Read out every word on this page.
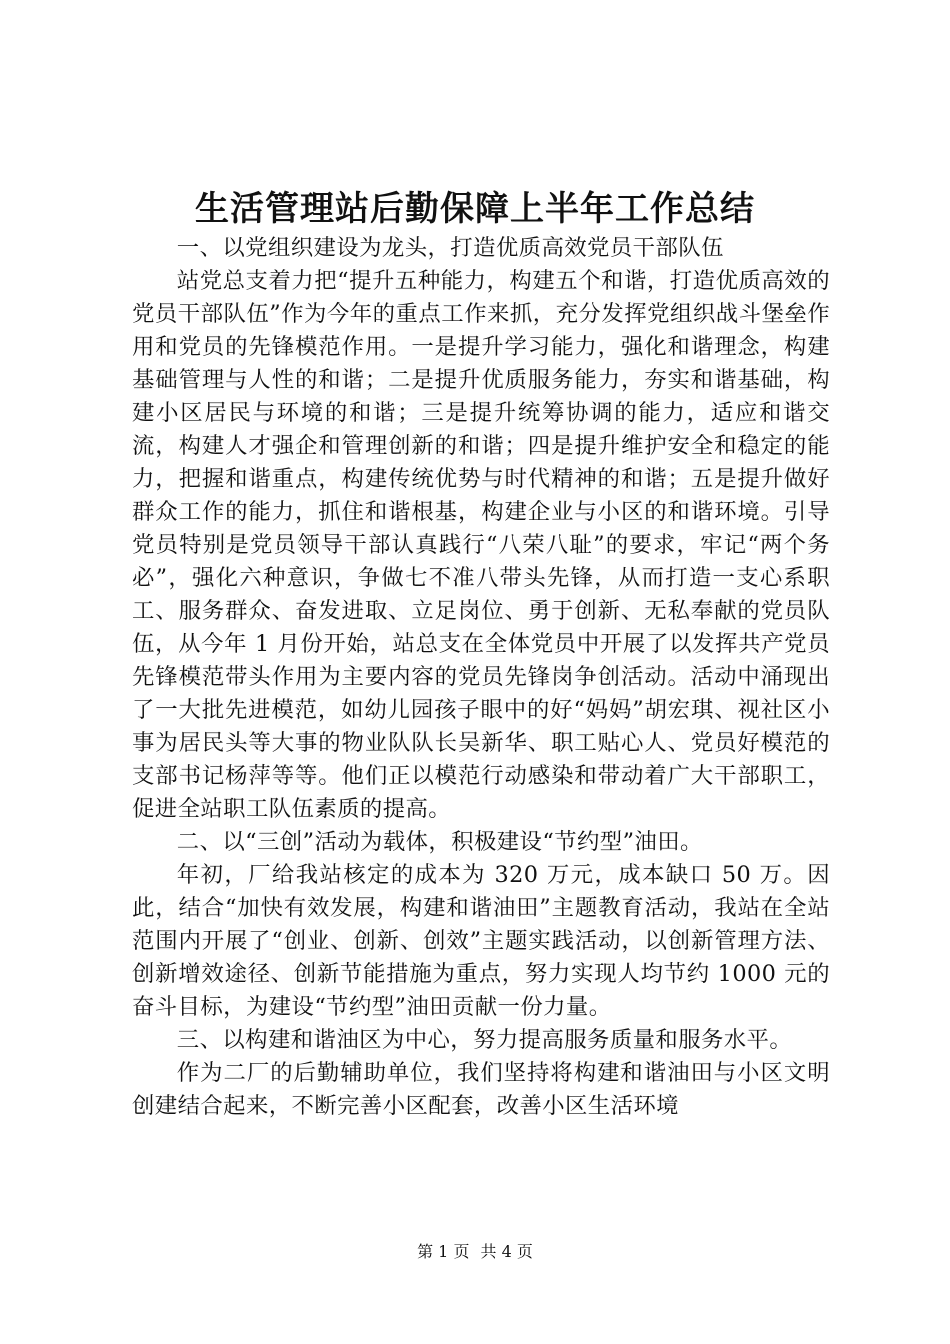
生活管理站后勤保障上半年工作总结

一、以党组织建设为龙头，打造优质高效党员干部队伍

站党总支着力把“提升五种能力，构建五个和谐，打造优质高效的党员干部队伍”作为今年的重点工作来抓，充分发挥党组织战斗堡垒作用和党员的先锋模范作用。一是提升学习能力，强化和谐理念，构建基础管理与人性的和谐；二是提升优质服务能力，夯实和谐基础，构建小区居民与环境的和谐；三是提升统筹协调的能力，适应和谐交流，构建人才强企和管理创新的和谐；四是提升维护安全和稳定的能力，把握和谐重点，构建传统优势与时代精神的和谐；五是提升做好群众工作的能力，抓住和谐根基，构建企业与小区的和谐环境。引导党员特别是党员领导干部认真践行“八荣八耻”的要求，牢记“两个务必”，强化六种意识，争做七不准八带头先锋，从而打造一支心系职工、服务群众、奋发进取、立足岗位、勇于创新、无私奉献的党员队伍，从今年 1 月份开始，站总支在全体党员中开展了以发挥共产党员先锋模范带头作用为主要内容的党员先锋岗争创活动。活动中涌现出了一大批先进模范，如幼儿园孩子眼中的好“妈妈”胡宏琪、视社区小事为居民头等大事的物业队队长吴新华、职工贴心人、党员好模范的支部书记杨萍等等。他们正以模范行动感染和带动着广大干部职工，促进全站职工队伍素质的提高。

二、以“三创”活动为载体，积极建设“节约型”油田。

年初，厂给我站核定的成本为 320 万元，成本缺口 50 万。因此，结合“加快有效发展，构建和谐油田”主题教育活动，我站在全站范围内开展了“创业、创新、创效”主题实践活动，以创新管理方法、创新增效途径、创新节能措施为重点，努力实现人均节约 1000 元的奋斗目标，为建设“节约型”油田贡献一份力量。

三、以构建和谐油区为中心，努力提高服务质量和服务水平。

作为二厂的后勤辅助单位，我们坚持将构建和谐油田与小区文明创建结合起来，不断完善小区配套，改善小区生活环境

第 1 页 共 4 页
